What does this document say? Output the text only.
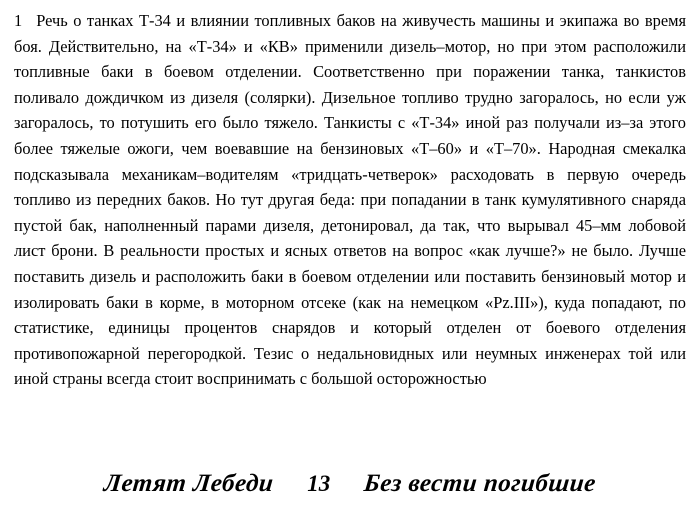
1 Речь о танках Т‑34 и влиянии топливных баков на живучесть машины и экипажа во время боя. Действительно, на «Т‑34» и «КВ» применили дизель–мотор, но при этом расположили топливные баки в боевом отделении. Соответственно при поражении танка, танкистов поливало дождичком из дизеля (солярки). Дизельное топливо трудно загоралось, но если уж загоралось, то потушить его было тяжело. Танкисты с «Т‑34» иной раз получали из–за этого более тяжелые ожоги, чем воевавшие на бензиновых «Т–60» и «Т–70». Народная смекалка подсказывала механикам–водителям «тридцать-четверок» расходовать в первую очередь топливо из передних баков. Но тут другая беда: при попадании в танк кумулятивного снаряда пустой бак, наполненный парами дизеля, детонировал, да так, что вырывал 45–мм лобовой лист брони. В реальности простых и ясных ответов на вопрос «как лучше?» не было. Лучше поставить дизель и расположить баки в боевом отделении или поставить бензиновый мотор и изолировать баки в корме, в моторном отсеке (как на немецком «Pz.III»), куда попадают, по статистике, единицы процентов снарядов и который отделен от боевого отделения противопожарной перегородкой. Тезис о недальновидных или неумных инженерах той или иной страны всегда стоит воспринимать с большой осторожностью
Летят Лебеди 13 Без вести погибшие
